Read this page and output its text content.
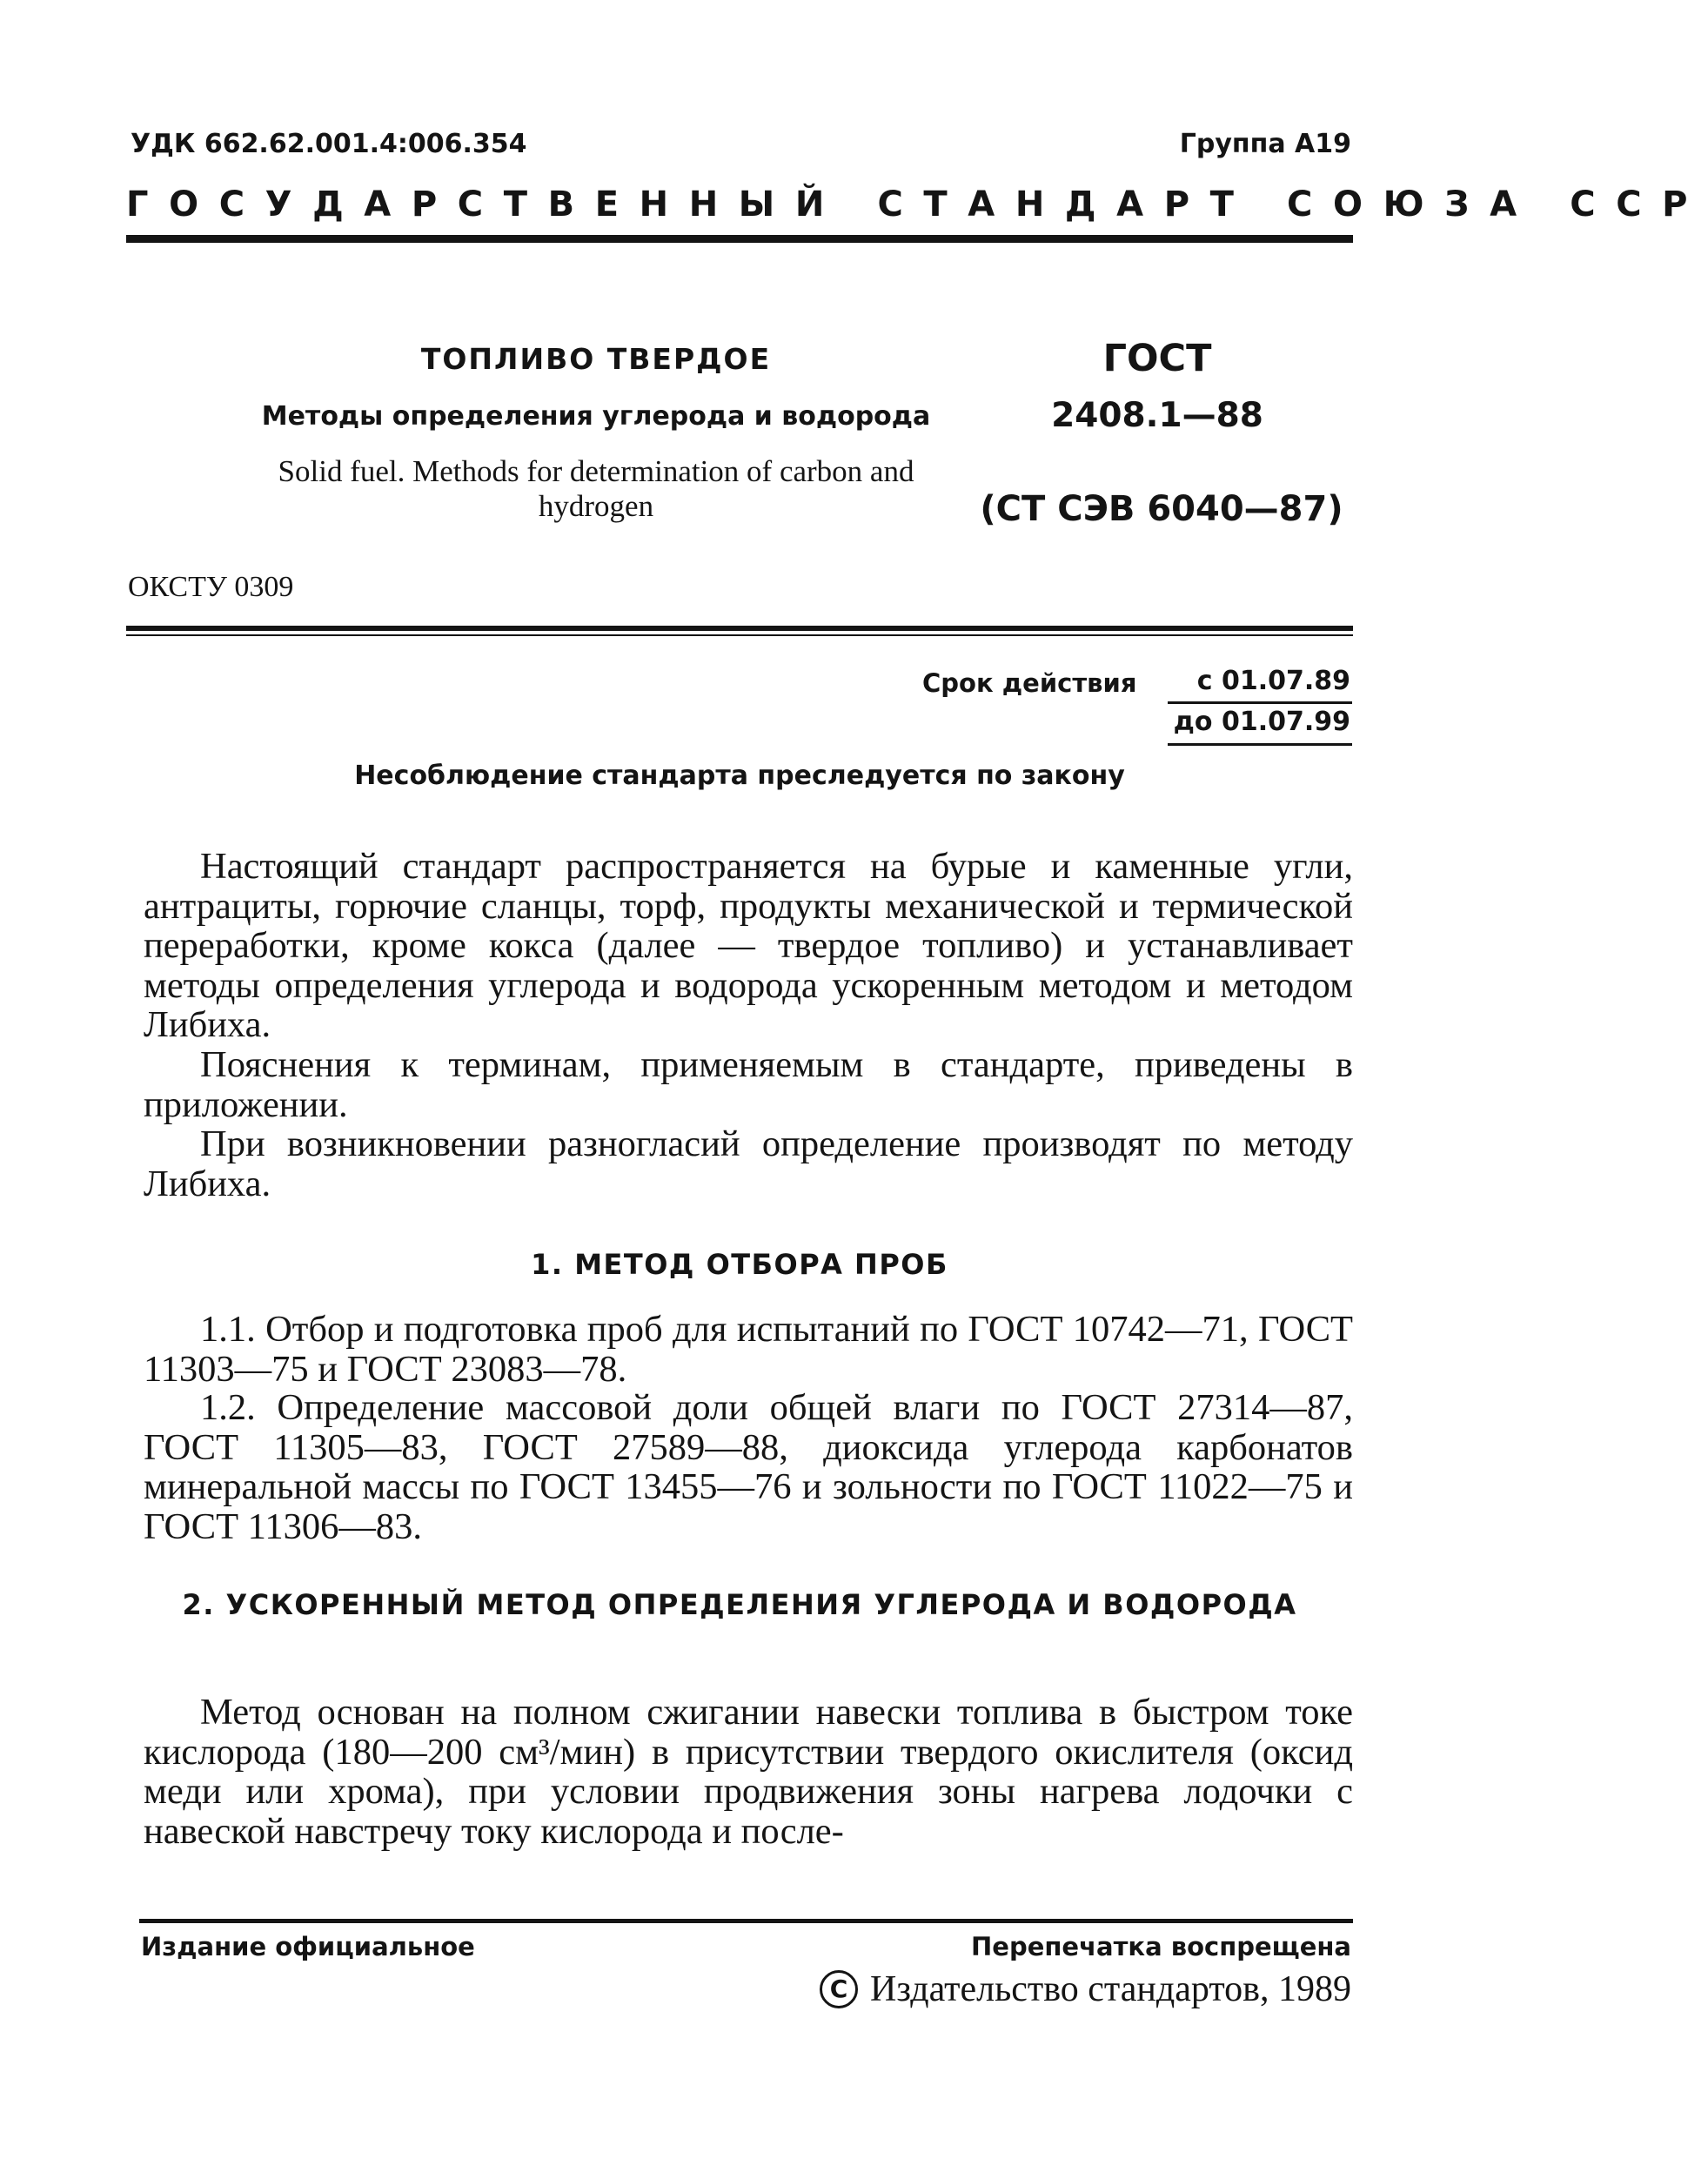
УДК 662.62.001.4:006.354	Группа А19
ГОСУДАРСТВЕННЫЙ СТАНДАРТ СОЮЗА ССР
ТОПЛИВО ТВЕРДОЕ
Методы определения углерода и водорода
Solid fuel. Methods for determination of carbon and hydrogen
ГОСТ
2408.1—88
(СТ СЭВ 6040—87)
ОКСТУ 0309
Срок действия	с 01.07.89
до 01.07.99
Несоблюдение стандарта преследуется по закону
Настоящий стандарт распространяется на бурые и каменные угли, антрациты, горючие сланцы, торф, продукты механической и термической переработки, кроме кокса (далее — твердое топливо) и устанавливает методы определения углерода и водорода ускоренным методом и методом Либиха.
Пояснения к терминам, применяемым в стандарте, приведены в приложении.
При возникновении разногласий определение производят по методу Либиха.
1. МЕТОД ОТБОРА ПРОБ
1.1. Отбор и подготовка проб для испытаний по ГОСТ 10742—71, ГОСТ 11303—75 и ГОСТ 23083—78.
1.2. Определение массовой доли общей влаги по ГОСТ 27314—87, ГОСТ 11305—83, ГОСТ 27589—88, диоксида углерода карбонатов минеральной массы по ГОСТ 13455—76 и зольности по ГОСТ 11022—75 и ГОСТ 11306—83.
2. УСКОРЕННЫЙ МЕТОД ОПРЕДЕЛЕНИЯ УГЛЕРОДА И ВОДОРОДА
Метод основан на полном сжигании навески топлива в быстром токе кислорода (180—200 см³/мин) в присутствии твердого окислителя (оксид меди или хрома), при условии продвижения зоны нагрева лодочки с навеской навстречу току кислорода и после-
Издание официальное	Перепечатка воспрещена
C Издательство стандартов, 1989
